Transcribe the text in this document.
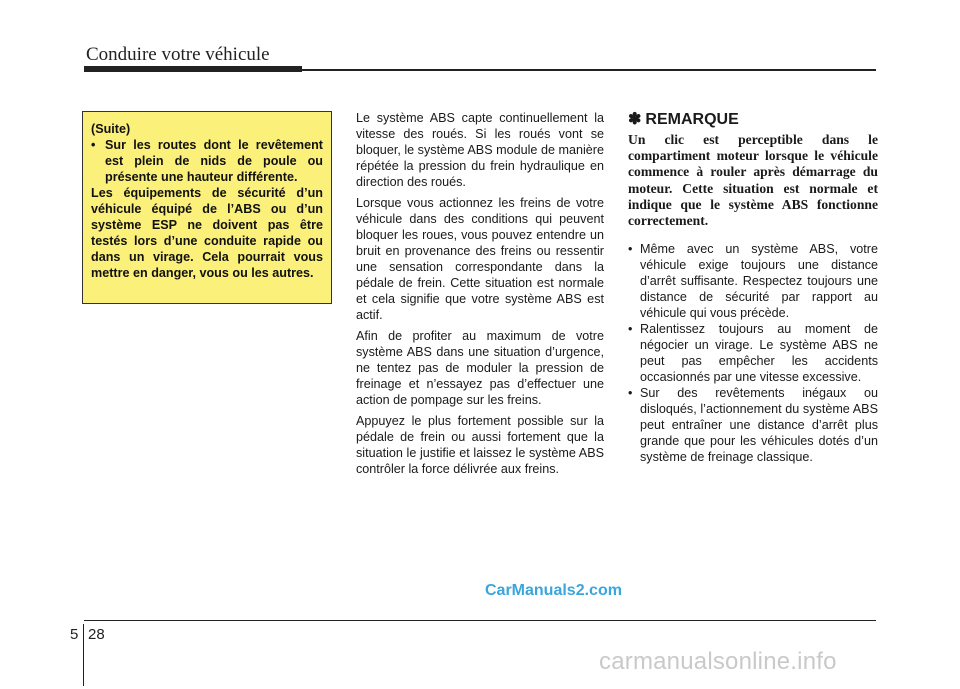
Conduire votre véhicule

(Suite)

• Sur les routes dont le revêtement est plein de nids de poule ou présente une hauteur différente.

Les équipements de sécurité d’un véhicule équipé de l’ABS ou d’un système ESP ne doivent pas être testés lors d’une conduite rapide ou dans un virage. Cela pourrait vous mettre en danger, vous ou les autres.

Le système ABS capte continuellement la vitesse des roués. Si les roués vont se bloquer, le système ABS module de manière répétée la pression du frein hydraulique en direction des roués.

Lorsque vous actionnez les freins de votre véhicule dans des conditions qui peuvent bloquer les roues, vous pouvez entendre un bruit en provenance des freins ou ressentir une sensation correspondante dans la pédale de frein. Cette situation est normale et cela signifie que votre système ABS est actif.

Afin de profiter au maximum de votre système ABS dans une situation d’urgence, ne tentez pas de moduler la pression de freinage et n’essayez pas d’effectuer une action de pompage sur les freins.

Appuyez le plus fortement possible sur la pédale de frein ou aussi fortement que la situation le justifie et laissez le système ABS contrôler la force délivrée aux freins.

✽ REMARQUE
Un clic est perceptible dans le compartiment moteur lorsque le véhicule commence à rouler après démarrage du moteur. Cette situation est normale et indique que le système ABS fonctionne correctement.
• Même avec un système ABS, votre véhicule exige toujours une distance d’arrêt suffisante. Respectez toujours une distance de sécurité par rapport au véhicule qui vous précède.
• Ralentissez toujours au moment de négocier un virage. Le système ABS ne peut pas empêcher les accidents occasionnés par une vitesse excessive.
• Sur des revêtements inégaux ou disloqués, l’actionnement du système ABS peut entraîner une distance d’arrêt plus grande que pour les véhicules dotés d’un système de freinage classique.
CarManuals2.com
5 28
carmanualsonline.info
